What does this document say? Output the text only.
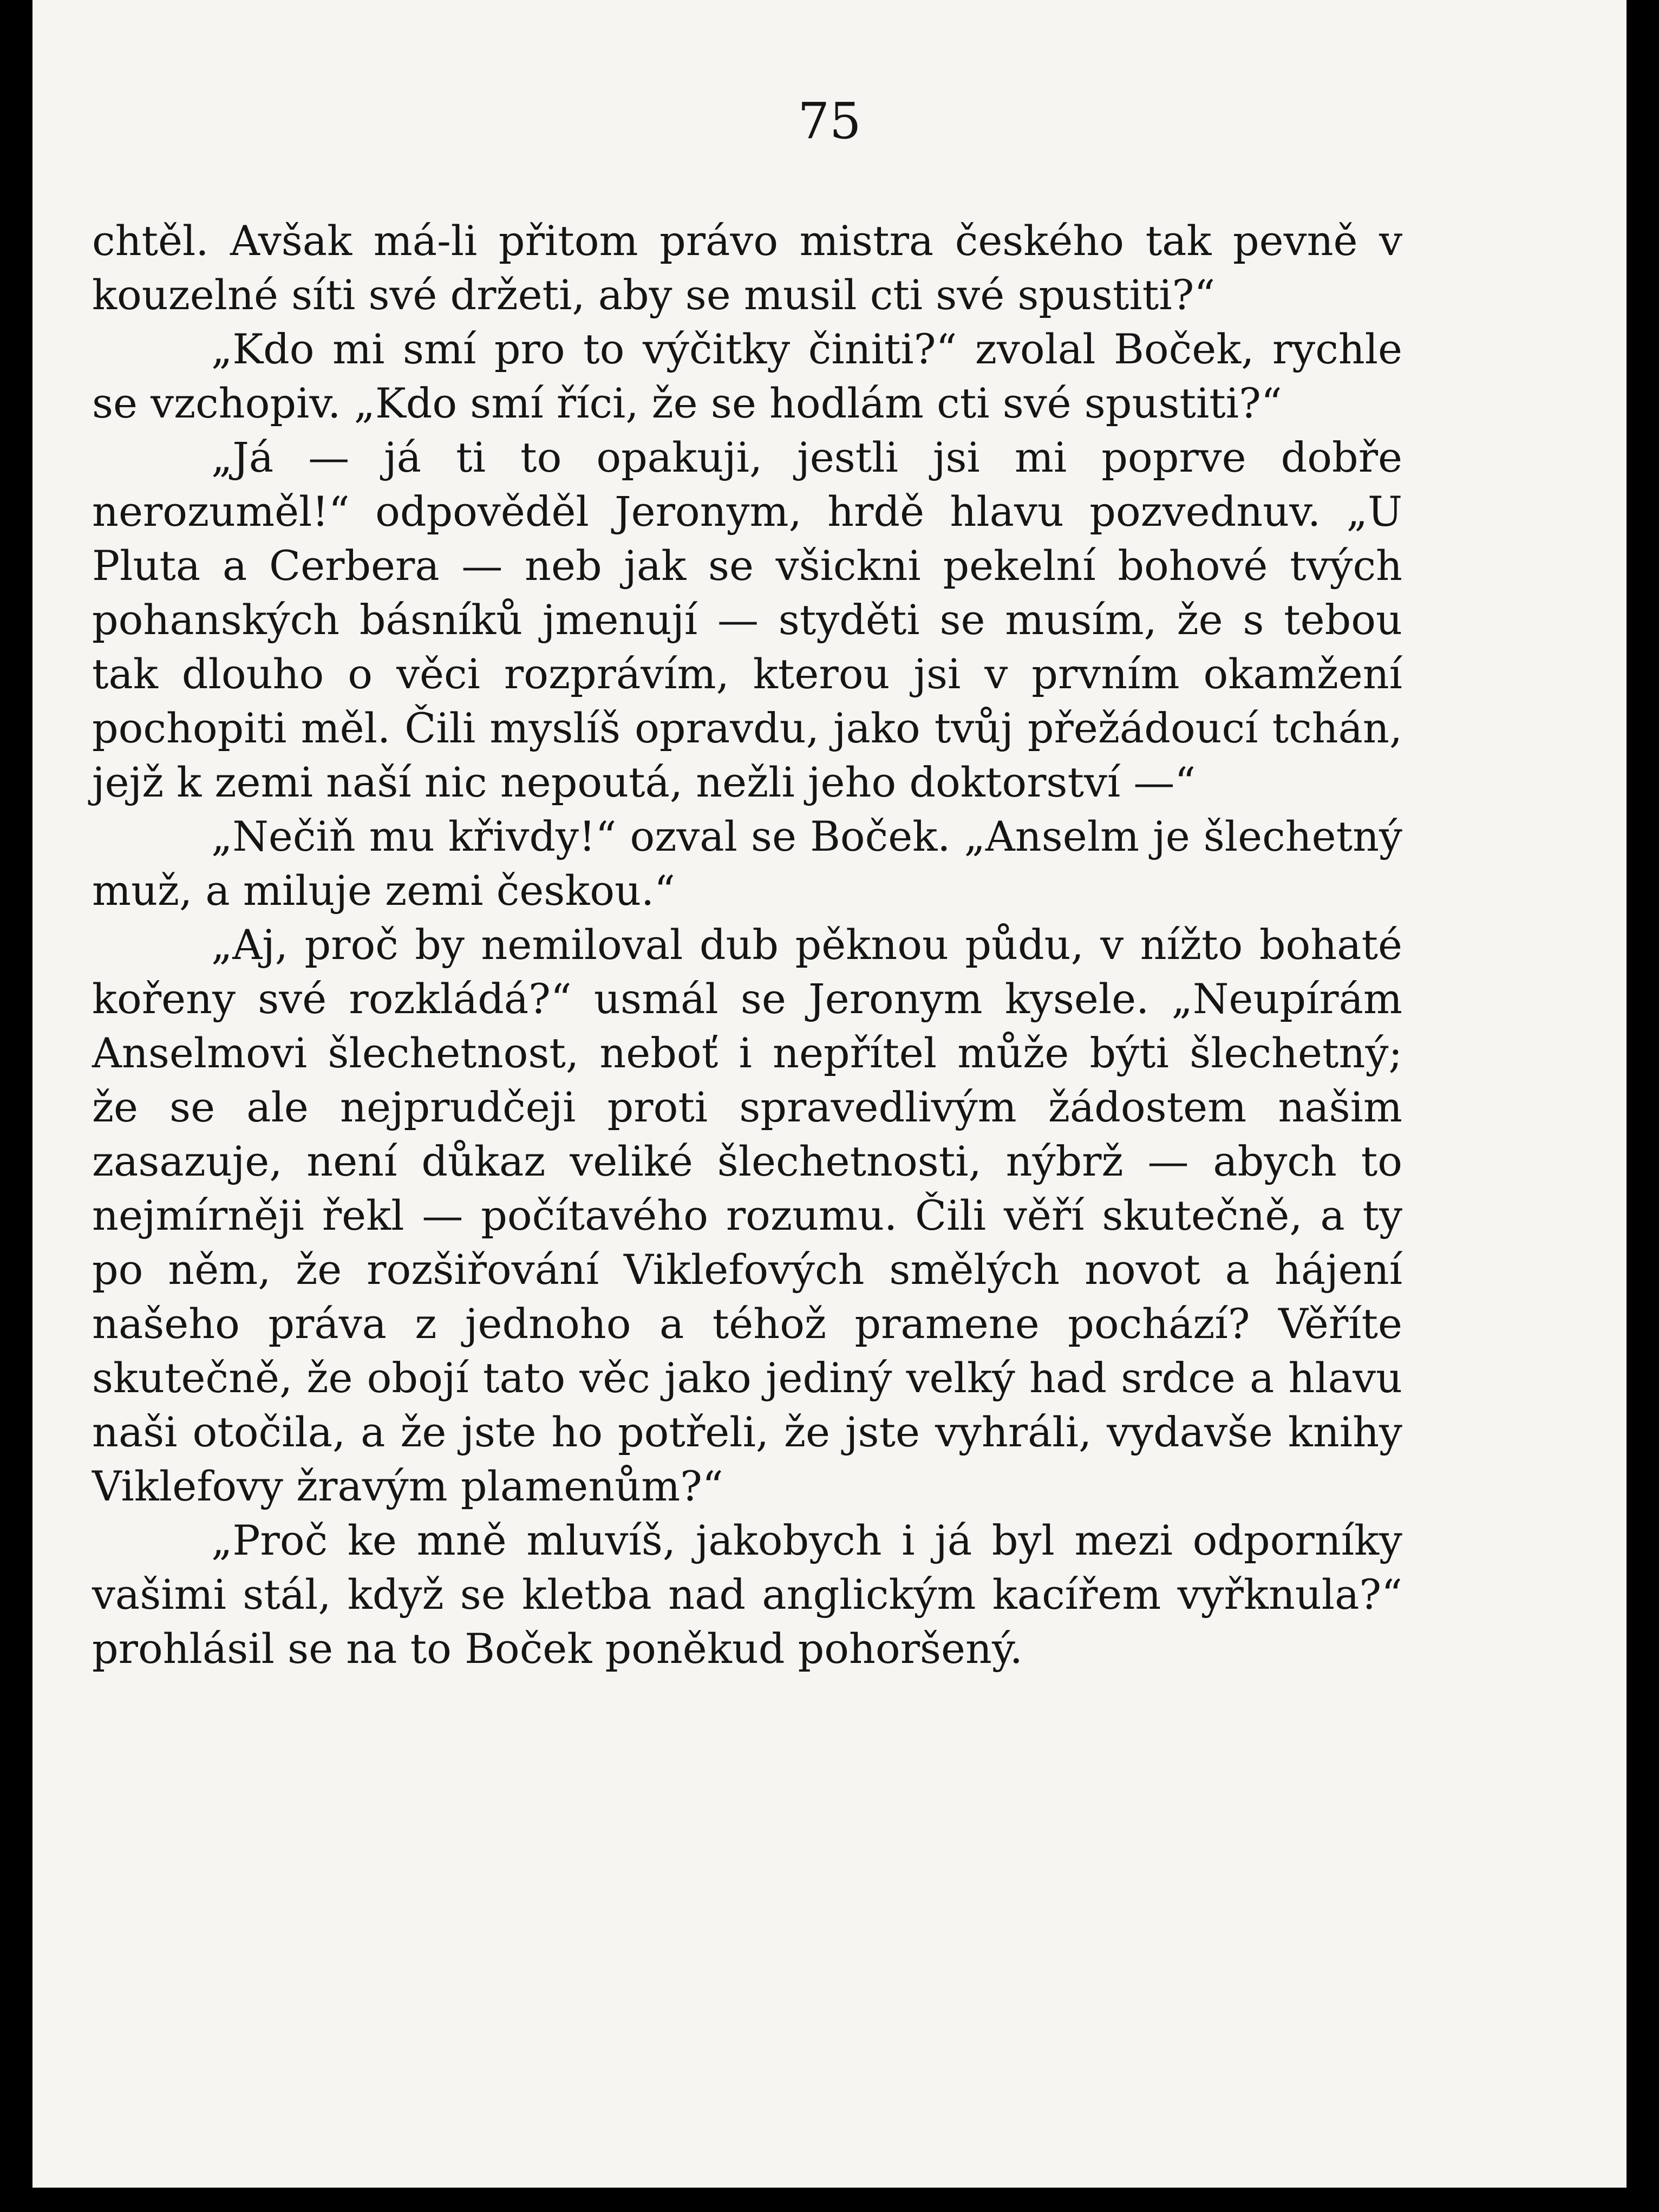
75

chtěl. Avšak má-li přitom právo mistra českého tak pevně v kouzelné síti své držeti, aby se musil cti své spustiti?“

„Kdo mi smí pro to výčitky činiti?“ zvolal Boček, rychle se vzchopiv. „Kdo smí říci, že se hodlám cti své spustiti?“

„Já — já ti to opakuji, jestli jsi mi poprve dobře nerozuměl!“ odpověděl Jeronym, hrdě hlavu pozvednuv. „U Pluta a Cerbera — neb jak se všickni pekelní bohové tvých pohanských básníků jmenují — styděti se musím, že s tebou tak dlouho o věci rozprávím, kterou jsi v prvním okamžení pochopiti měl. Čili myslíš opravdu, jako tvůj přežádoucí tchán, jejž k zemi naší nic nepoutá, nežli jeho doktorství —“

„Nečiň mu křivdy!“ ozval se Boček. „Anselm je šlechetný muž, a miluje zemi českou.“

„Aj, proč by nemiloval dub pěknou půdu, v nížto bohaté kořeny své rozkládá?“ usmál se Jeronym kysele. „Neupírám Anselmovi šlechetnost, neboť i nepřítel může býti šlechetný; že se ale nejprudčeji proti spravedlivým žádostem našim zasazuje, není důkaz veliké šlechetnosti, nýbrž — abych to nejmírněji řekl — počítavého rozumu. Čili věří skutečně, a ty po něm, že rozšiřování Viklefových smělých novot a hájení našeho práva z jednoho a téhož pramene pochází? Věříte skutečně, že obojí tato věc jako jediný velký had srdce a hlavu naši otočila, a že jste ho potřeli, že jste vyhráli, vydavše knihy Viklefovy žravým plamenům?“

„Proč ke mně mluvíš, jakobych i já byl mezi odporníky vašimi stál, když se kletba nad anglickým kacířem vyřknula?“ prohlásil se na to Boček poněkud pohoršený.
